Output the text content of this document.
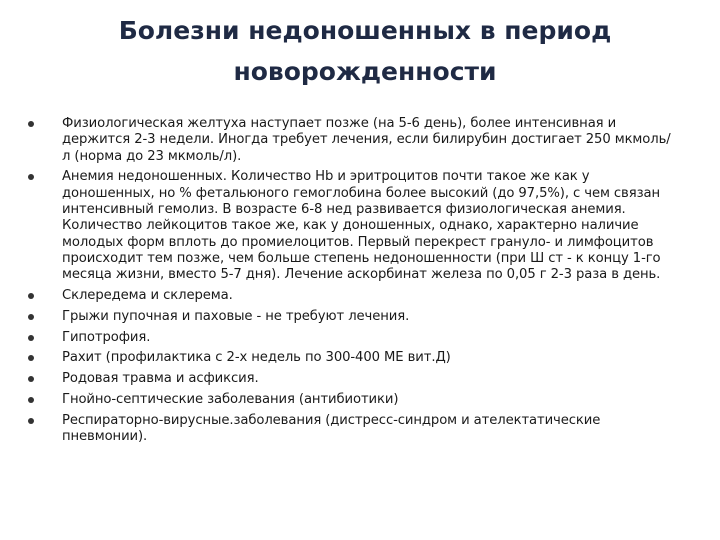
Болезни недоношенных в период новорожденности
Физиологическая желтуха наступает позже (на 5-6 день), более интенсивная и держится 2-3 недели. Иногда требует лечения, если билирубин достигает 250 мкмоль/л (норма до 23 мкмоль/л).
Анемия недоношенных. Количество Hb и эритроцитов почти такое же как у доношенных, но % фетальюного гемоглобина более высокий (до 97,5%), с чем связан интенсивный гемолиз. В возрасте 6-8 нед развивается физиологическая анемия. Количество лейкоцитов такое же, как у доношенных, однако, характерно наличие молодых форм вплоть до промиелоцитов. Первый перекрест грануло- и лимфоцитов происходит тем позже, чем больше степень недоношенности (при Ш ст - к концу 1-го месяца жизни, вместо 5-7 дня). Лечение аскорбинат железа по 0,05 г 2-3 раза в день.
Склередема и склерема.
Грыжи пупочная и паховые - не требуют лечения.
Гипотрофия.
Рахит (профилактика с 2-х недель по 300-400 МЕ вит.Д)
Родовая травма и асфиксия.
Гнойно-септические заболевания (антибиотики)
Респираторно-вирусные.заболевания (дистресс-синдром и ателектатические пневмонии).
